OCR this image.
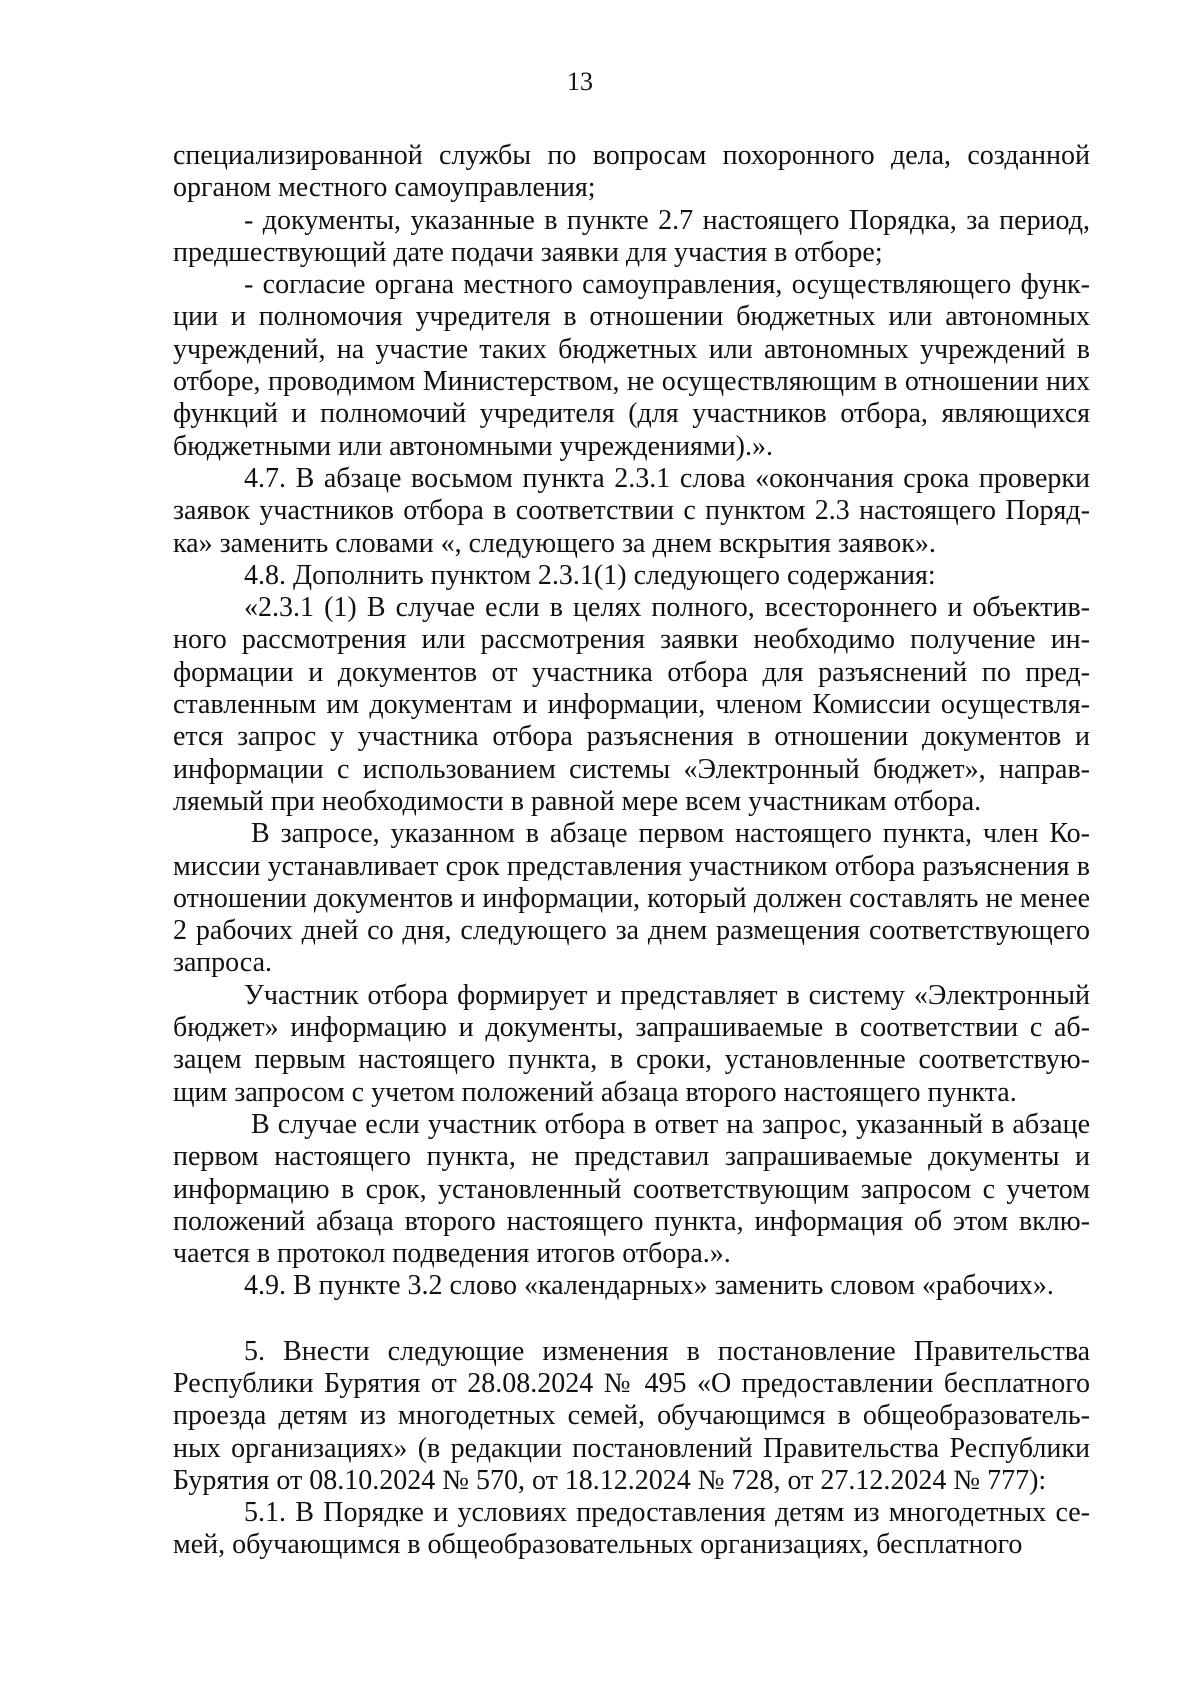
13

специализированной службы по вопросам похоронного дела, созданной органом местного самоуправления;

- документы, указанные в пункте 2.7 настоящего Порядка, за период, предшествующий дате подачи заявки для участия в отборе;

- согласие органа местного самоуправления, осуществляющего функции и полномочия учредителя в отношении бюджетных или автономных учреждений, на участие таких бюджетных или автономных учреждений в отборе, проводимом Министерством, не осуществляющим в отношении них функций и полномочий учредителя (для участников отбора, являющихся бюджетными или автономными учреждениями).».

4.7. В абзаце восьмом пункта 2.3.1 слова «окончания срока проверки заявок участников отбора в соответствии с пунктом 2.3 настоящего Порядка» заменить словами «, следующего за днем вскрытия заявок».

4.8. Дополнить пунктом 2.3.1(1) следующего содержания:

«2.3.1 (1) В случае если в целях полного, всестороннего и объективного рассмотрения или рассмотрения заявки необходимо получение информации и документов от участника отбора для разъяснений по представленным им документам и информации, членом Комиссии осуществляется запрос у участника отбора разъяснения в отношении документов и информации с использованием системы «Электронный бюджет», направляемый при необходимости в равной мере всем участникам отбора.

В запросе, указанном в абзаце первом настоящего пункта, член Комиссии устанавливает срок представления участником отбора разъяснения в отношении документов и информации, который должен составлять не менее 2 рабочих дней со дня, следующего за днем размещения соответствующего запроса.

Участник отбора формирует и представляет в систему «Электронный бюджет» информацию и документы, запрашиваемые в соответствии с абзацем первым настоящего пункта, в сроки, установленные соответствующим запросом с учетом положений абзаца второго настоящего пункта.

В случае если участник отбора в ответ на запрос, указанный в абзаце первом настоящего пункта, не представил запрашиваемые документы и информацию в срок, установленный соответствующим запросом с учетом положений абзаца второго настоящего пункта, информация об этом включается в протокол подведения итогов отбора.».

4.9. В пункте 3.2 слово «календарных» заменить словом «рабочих».

5. Внести следующие изменения в постановление Правительства Республики Бурятия от 28.08.2024 № 495 «О предоставлении бесплатного проезда детям из многодетных семей, обучающимся в общеобразовательных организациях» (в редакции постановлений Правительства Республики Бурятия от 08.10.2024 № 570, от 18.12.2024 № 728, от 27.12.2024 № 777):

5.1. В Порядке и условиях предоставления детям из многодетных семей, обучающимся в общеобразовательных организациях, бесплатного
